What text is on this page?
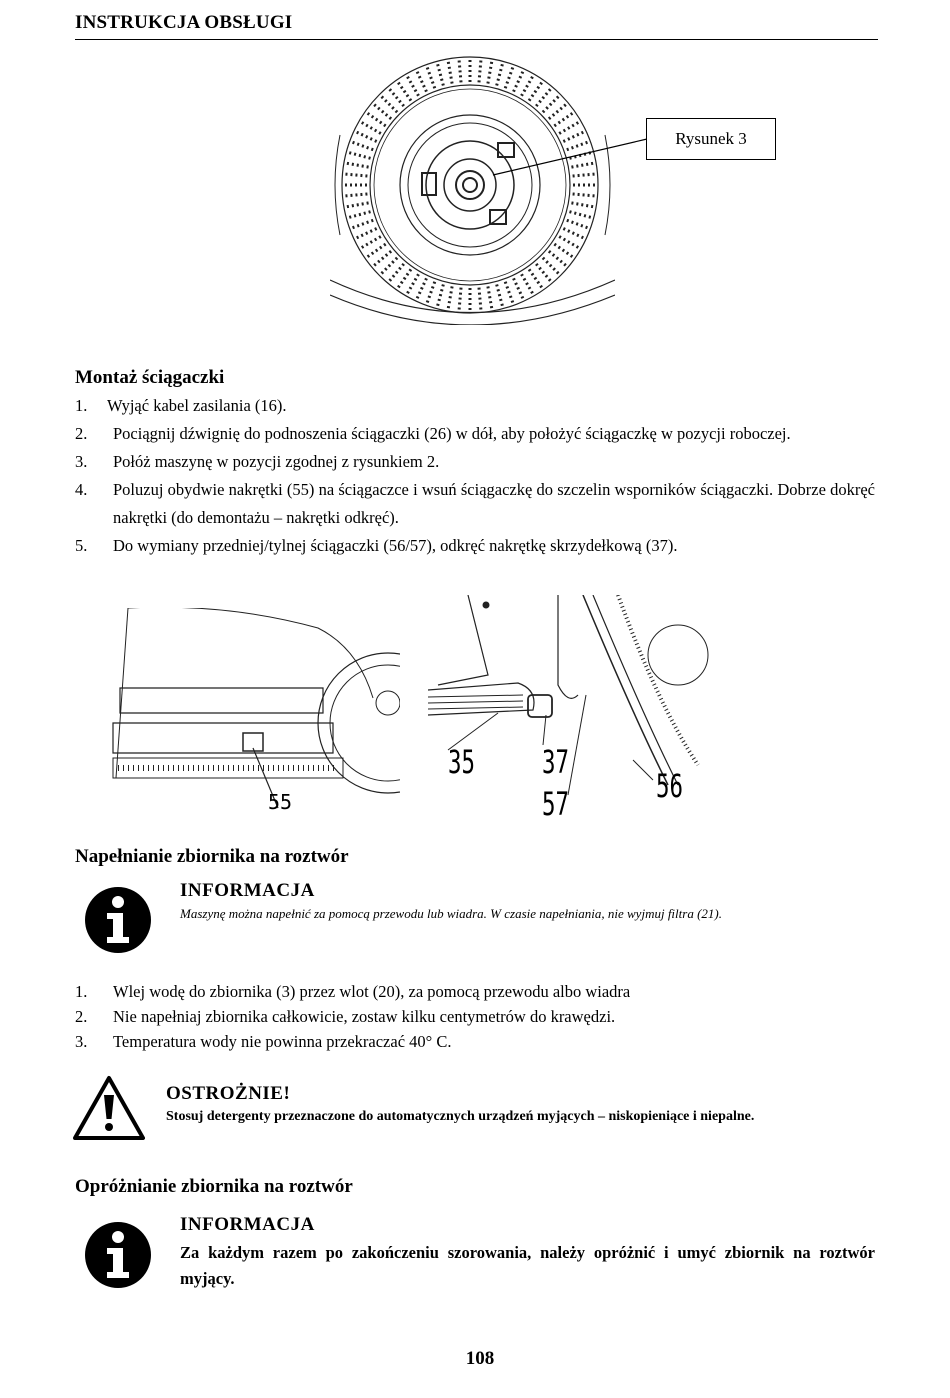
INSTRUKCJA OBSŁUGI
Rysunek 3
Montaż ściągaczki
1. Wyjąć kabel zasilania (16).
2. Pociągnij dźwignię do podnoszenia ściągaczki (26) w dół, aby położyć ściągaczkę w pozycji roboczej.
3. Połóż maszynę w pozycji zgodnej z rysunkiem 2.
4. Poluzuj obydwie nakrętki (55) na ściągaczce i wsuń ściągaczkę do szczelin wsporników ściągaczki. Dobrze dokręć nakrętki (do demontażu – nakrętki odkręć).
5. Do wymiany przedniej/tylnej ściągaczki (56/57), odkręć nakrętkę skrzydełkową (37).
55
35 37
57	56
Napełnianie zbiornika na roztwór
INFORMACJA
Maszynę można napełnić za pomocą przewodu lub wiadra. W czasie napełniania, nie wyjmuj filtra (21).
1. Wlej wodę do zbiornika (3) przez wlot (20), za pomocą przewodu albo wiadra
2. Nie napełniaj zbiornika całkowicie, zostaw kilku centymetrów do krawędzi.
3. Temperatura wody nie powinna przekraczać 40° C.
OSTROŻNIE!
Stosuj detergenty przeznaczone do automatycznych urządzeń myjących – niskopieniące i niepalne.
Opróżnianie zbiornika na roztwór
INFORMACJA
Za każdym razem po zakończeniu szorowania, należy opróżnić i umyć zbiornik na roztwór myjący.
108
